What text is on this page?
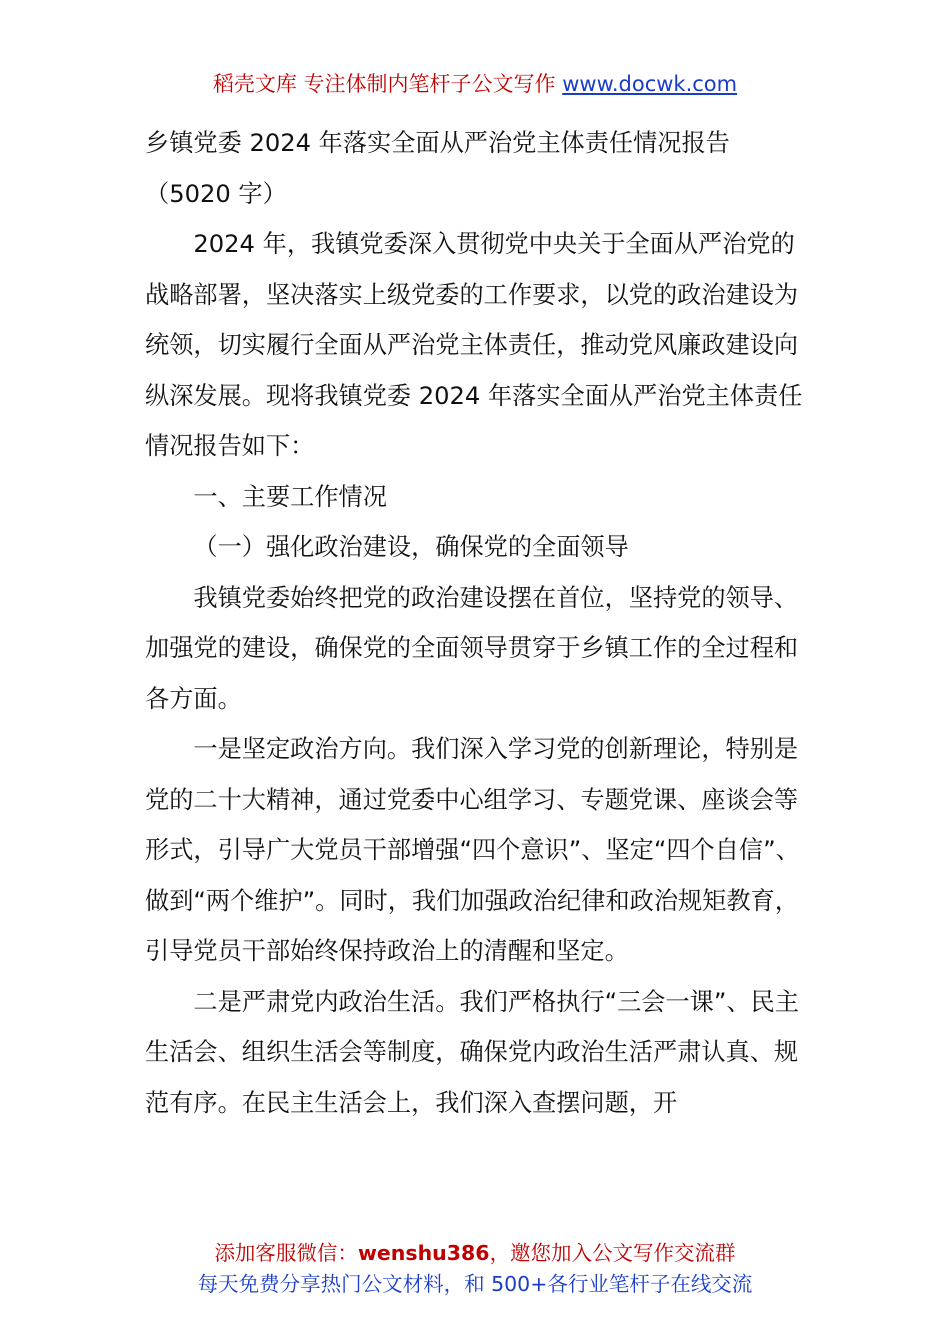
稻壳文库 专注体制内笔杆子公文写作 www.docwk.com

乡镇党委 2024 年落实全面从严治党主体责任情况报告（5020 字）

2024 年，我镇党委深入贯彻党中央关于全面从严治党的战略部署，坚决落实上级党委的工作要求，以党的政治建设为统领，切实履行全面从严治党主体责任，推动党风廉政建设向纵深发展。现将我镇党委 2024 年落实全面从严治党主体责任情况报告如下：

一、主要工作情况

（一）强化政治建设，确保党的全面领导

我镇党委始终把党的政治建设摆在首位，坚持党的领导、加强党的建设，确保党的全面领导贯穿于乡镇工作的全过程和各方面。

一是坚定政治方向。我们深入学习党的创新理论，特别是党的二十大精神，通过党委中心组学习、专题党课、座谈会等形式，引导广大党员干部增强“四个意识”、坚定“四个自信”、做到“两个维护”。同时，我们加强政治纪律和政治规矩教育，引导党员干部始终保持政治上的清醒和坚定。

二是严肃党内政治生活。我们严格执行“三会一课”、民主生活会、组织生活会等制度，确保党内政治生活严肃认真、规范有序。在民主生活会上，我们深入查摆问题，开

添加客服微信：wenshu386，邀您加入公文写作交流群
每天免费分享热门公文材料，和 500+各行业笔杆子在线交流
